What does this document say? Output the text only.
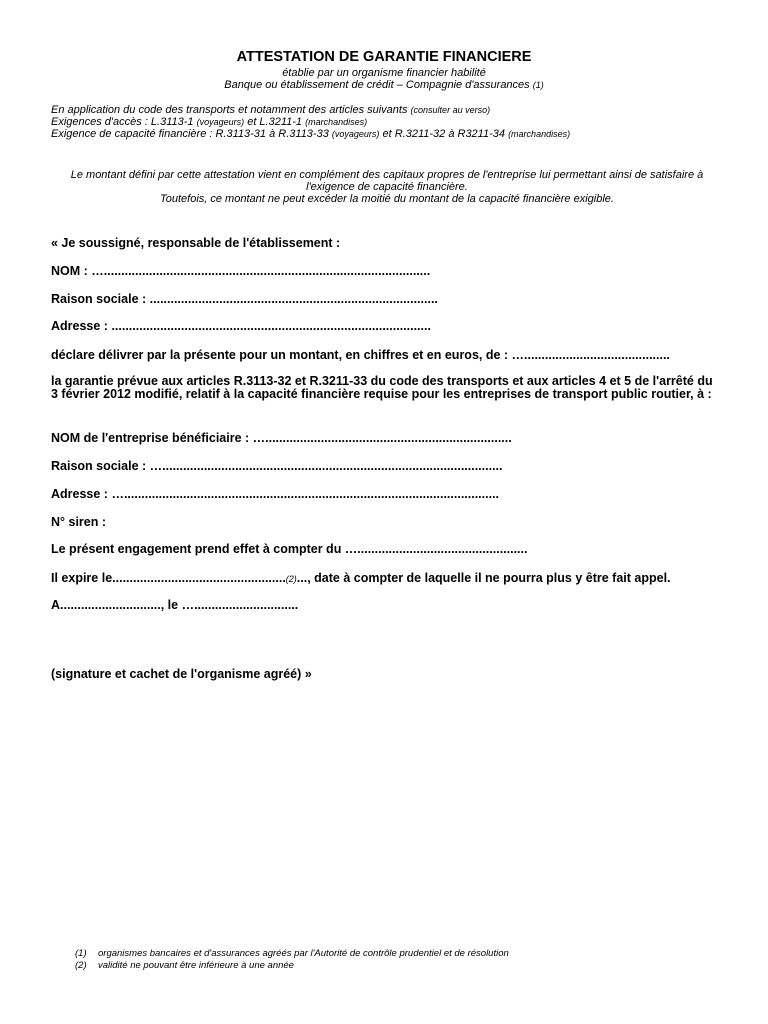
ATTESTATION DE GARANTIE FINANCIERE
établie par un organisme financier habilité
Banque ou établissement de crédit – Compagnie d'assurances (1)
En application du code des transports et notamment des articles suivants (consulter au verso)
Exigences d'accès : L.3113-1 (voyageurs) et L.3211-1 (marchandises)
Exigence de capacité financière : R.3113-31 à R.3113-33 (voyageurs) et R.3211-32 à R3211-34 (marchandises)
Le montant défini par cette attestation vient en complément des capitaux propres de l'entreprise lui permettant ainsi de satisfaire à
l'exigence de capacité financière.
Toutefois, ce montant ne peut excéder la moitié du montant de la capacité financière exigible.
« Je soussigné, responsable de l'établissement :
NOM : …..............................................................................................
Raison sociale : ...................................................................................
Adresse : ............................................................................................
déclare délivrer par la présente pour un montant, en chiffres et en euros, de : …..........................................
la garantie prévue aux articles R.3113-32 et R.3211-33 du code des transports et aux articles 4 et 5 de l'arrêté du 3 février 2012 modifié, relatif à la capacité financière requise pour les entreprises de transport public routier, à :
NOM de l'entreprise bénéficiaire : ….......................................................................
Raison sociale : …..................................................................................................
Adresse : …............................................................................................................
N° siren :
Le présent engagement prend effet à compter du ….................................................
Il expire le..................................................(2)..., date à compter de laquelle il ne pourra plus y être fait appel.
A............................., le …..............................
(signature et cachet de l'organisme agréé) »
(1)	organismes bancaires et d'assurances agréés par l'Autorité de contrôle prudentiel et de résolution
(2)	validité ne pouvant être inférieure à une année
